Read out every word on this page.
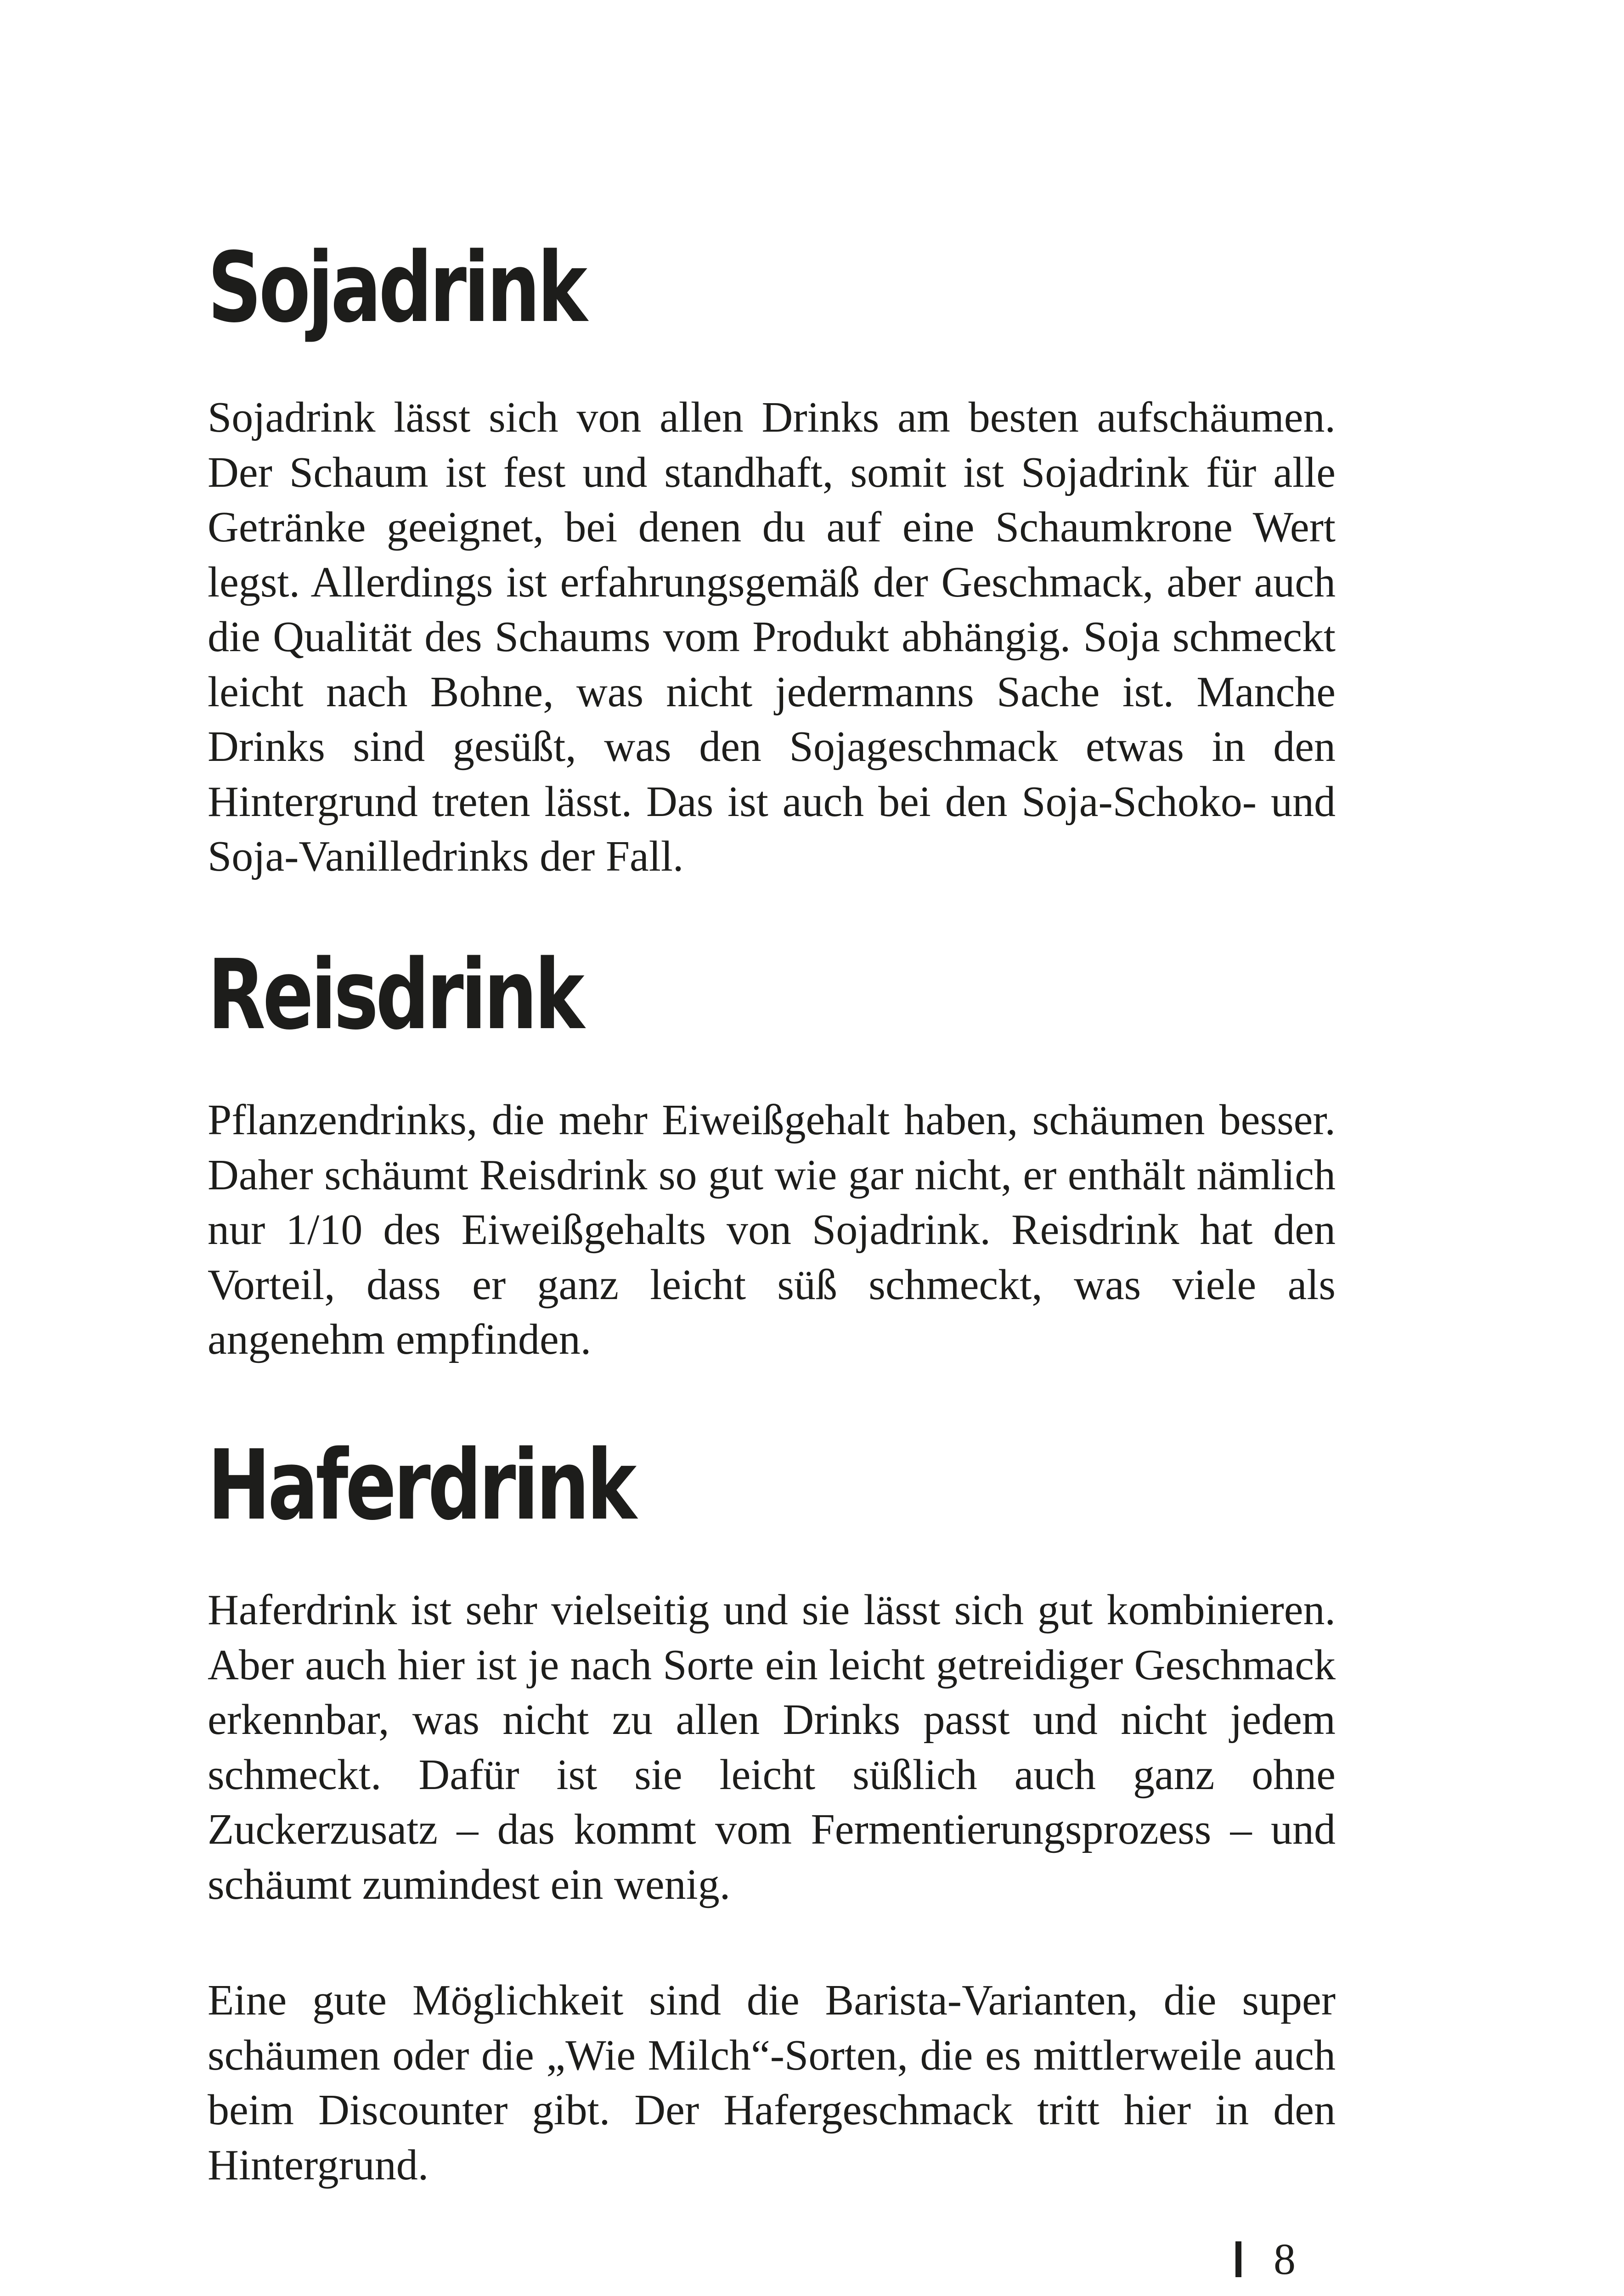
Sojadrink

Sojadrink lässt sich von allen Drinks am besten aufschäumen. Der Schaum ist fest und standhaft, somit ist Sojadrink für alle Getränke geeignet, bei denen du auf eine Schaumkrone Wert legst. Allerdings ist erfahrungsgemäß der Geschmack, aber auch die Qualität des Schaums vom Produkt abhängig. Soja schmeckt leicht nach Bohne, was nicht jedermanns Sache ist. Manche Drinks sind gesüßt, was den Sojageschmack etwas in den Hintergrund treten lässt. Das ist auch bei den Soja-Schoko- und Soja-Vanilledrinks der Fall.

Reisdrink

Pflanzendrinks, die mehr Eiweißgehalt haben, schäumen besser. Daher schäumt Reisdrink so gut wie gar nicht, er enthält nämlich nur 1/10 des Eiweißgehalts von Sojadrink. Reisdrink hat den Vorteil, dass er ganz leicht süß schmeckt, was viele als angenehm empfinden.

Haferdrink

Haferdrink ist sehr vielseitig und sie lässt sich gut kombinieren. Aber auch hier ist je nach Sorte ein leicht getreidiger Geschmack erkennbar, was nicht zu allen Drinks passt und nicht jedem schmeckt. Dafür ist sie leicht süßlich auch ganz ohne Zuckerzusatz – das kommt vom Fermentierungsprozess – und schäumt zumindest ein wenig.

Eine gute Möglichkeit sind die Barista-Varianten, die super schäumen oder die „Wie Milch“-Sorten, die es mittlerweile auch beim Discounter gibt. Der Hafergeschmack tritt hier in den Hintergrund.

8
